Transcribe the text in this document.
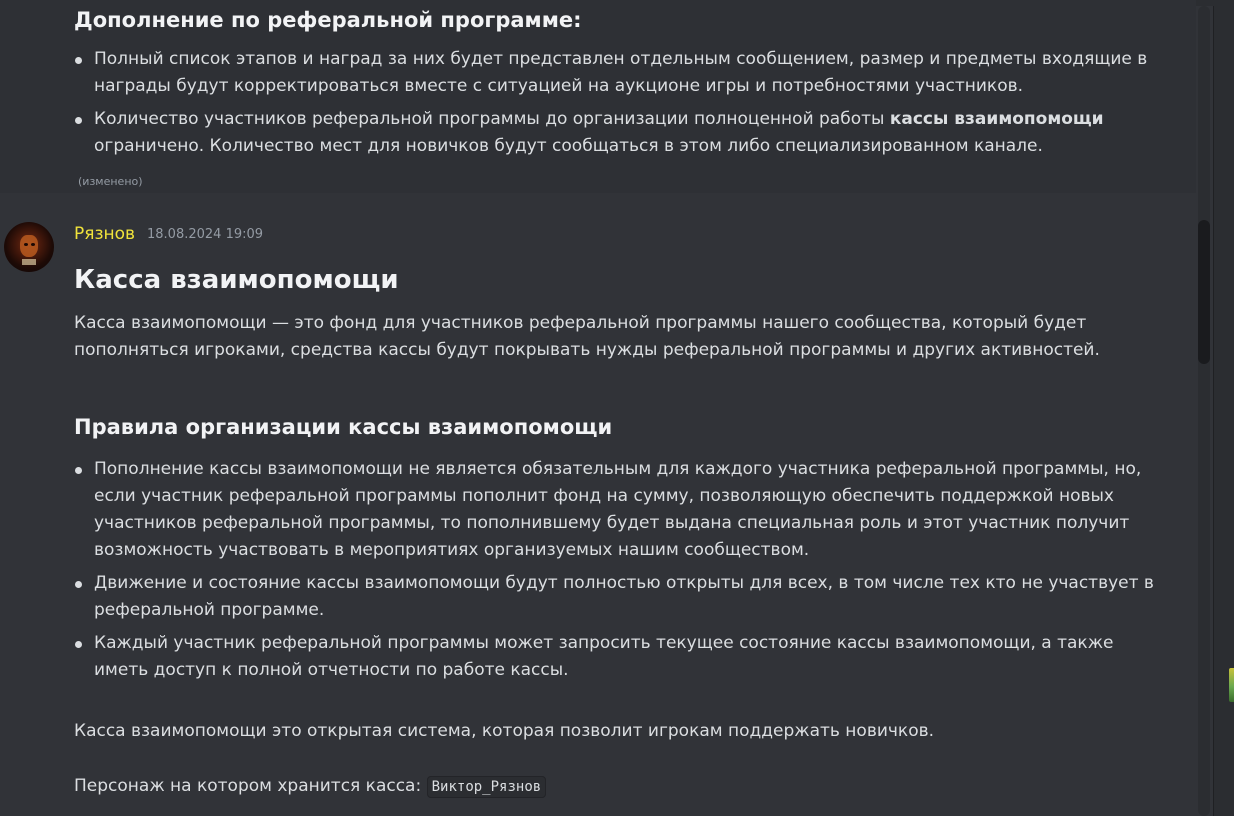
Дополнение по реферальной программе:
Полный список этапов и наград за них будет представлен отдельным сообщением, размер и предметы входящие в
награды будут корректироваться вместе с ситуацией на аукционе игры и потребностями участников.
Количество участников реферальной программы до организации полноценной работы кассы взаимопомощи
ограничено. Количество мест для новичков будут сообщаться в этом либо специализированном канале.
(изменено)
Рязнов 18.08.2024 19:09
Касса взаимопомощи

Касса взаимопомощи — это фонд для участников реферальной программы нашего сообщества, который будет
пополняться игроками, средства кассы будут покрывать нужды реферальной программы и других активностей.

Правила организации кассы взаимопомощи
Пополнение кассы взаимопомощи не является обязательным для каждого участника реферальной программы, но,
если участник реферальной программы пополнит фонд на сумму, позволяющую обеспечить поддержкой новых
участников реферальной программы, то пополнившему будет выдана специальная роль и этот участник получит
возможность участвовать в мероприятиях организуемых нашим сообществом.
Движение и состояние кассы взаимопомощи будут полностью открыты для всех, в том числе тех кто не участвует в
реферальной программе.
Каждый участник реферальной программы может запросить текущее состояние кассы взаимопомощи, а также
иметь доступ к полной отчетности по работе кассы.

Касса взаимопомощи это открытая система, которая позволит игрокам поддержать новичков.

Персонаж на котором хранится касса: Виктор_Рязнов
